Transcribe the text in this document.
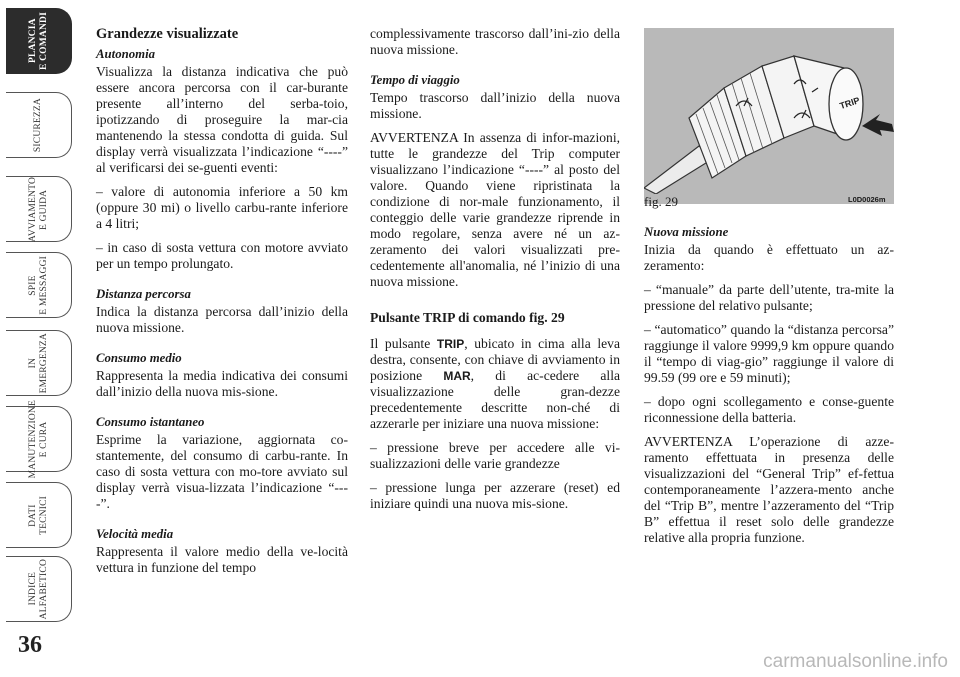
PLANCIA
E COMANDI
SICUREZZA
AVVIAMENTO
E GUIDA
SPIE
E MESSAGGI
IN
EMERGENZA
MANUTENZIONE
E CURA
DATI
TECNICI
INDICE
ALFABETICO
36
Grandezze visualizzate
Autonomia

Visualizza la distanza indicativa che può essere ancora percorsa con il car-burante presente all’interno del serba-toio, ipotizzando di proseguire la mar-cia mantenendo la stessa condotta di guida. Sul display verrà visualizzata l’indicazione “----” al verificarsi dei se-guenti eventi:

– valore di autonomia inferiore a 50 km (oppure 30 mi) o livello carbu-rante inferiore a 4 litri;

– in caso di sosta vettura con motore avviato per un tempo prolungato.

Distanza percorsa

Indica la distanza percorsa dall’inizio della nuova missione.

Consumo medio

Rappresenta la media indicativa dei consumi dall’inizio della nuova mis-sione.

Consumo istantaneo

Esprime la variazione, aggiornata co-stantemente, del consumo di carbu-rante. In caso di sosta vettura con mo-tore avviato sul display verrà visua-lizzata l’indicazione “----”.

Velocità media

Rappresenta il valore medio della ve-locità vettura in funzione del tempo

complessivamente trascorso dall’ini-zio della nuova missione.

Tempo di viaggio

Tempo trascorso dall’inizio della nuova missione.

AVVERTENZA In assenza di infor-mazioni, tutte le grandezze del Trip computer visualizzano l’indicazione “----” al posto del valore. Quando viene ripristinata la condizione di nor-male funzionamento, il conteggio delle varie grandezze riprende in modo regolare, senza avere né un az-zeramento dei valori visualizzati pre-cedentemente all'anomalia, né l’inizio di una nuova missione.

Pulsante TRIP di comando fig. 29

Il pulsante TRIP, ubicato in cima alla leva destra, consente, con chiave di avviamento in posizione MAR, di ac-cedere alla visualizzazione delle gran-dezze precedentemente descritte non-ché di azzerarle per iniziare una nuova missione:

– pressione breve per accedere alle vi-sualizzazioni delle varie grandezze

– pressione lunga per azzerare (reset) ed iniziare quindi una nuova mis-sione.

TRIP
fig. 29	L0D0026m
Nuova missione

Inizia da quando è effettuato un az-zeramento:

– “manuale” da parte dell’utente, tra-mite la pressione del relativo pulsante;

– “automatico” quando la “distanza percorsa” raggiunge il valore 9999,9 km oppure quando il “tempo di viag-gio” raggiunge il valore di 99.59 (99 ore e 59 minuti);

– dopo ogni scollegamento e conse-guente riconnessione della batteria.

AVVERTENZA L’operazione di azze-ramento effettuata in presenza delle visualizzazioni del “General Trip” ef-fettua contemporaneamente l’azzera-mento anche del “Trip B”, mentre l’azzeramento del “Trip B” effettua il reset solo delle grandezze relative alla propria funzione.

carmanualsonline.info
